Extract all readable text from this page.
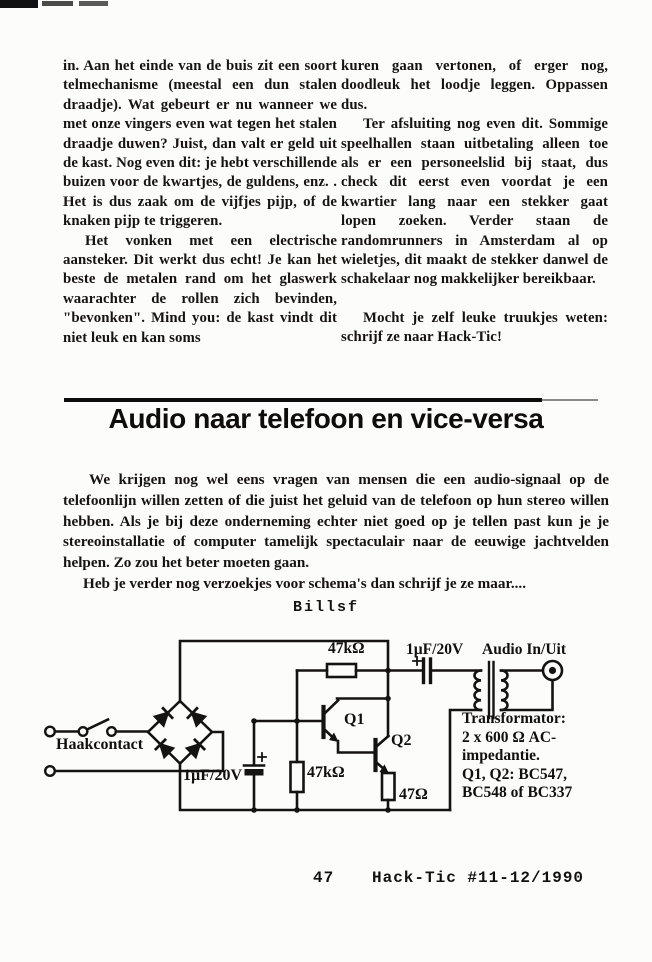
in. Aan het einde van de buis zit een soort telmechanisme (meestal een dun stalen draadje). Wat gebeurt er nu wanneer we met onze vingers even wat tegen het stalen draadje duwen? Juist, dan valt er geld uit de kast. Nog even dit: je hebt verschillende buizen voor de kwartjes, de guldens, enz. . Het is dus zaak om de vijfjes pijp, of de knaken pijp te triggeren.

Het vonken met een electrische aansteker. Dit werkt dus echt! Je kan het beste de metalen rand om het glaswerk waarachter de rollen zich bevinden, "bevonken". Mind you: de kast vindt dit niet leuk en kan soms

kuren gaan vertonen, of erger nog, doodleuk het loodje leggen. Oppassen dus.

Ter afsluiting nog even dit. Sommige speelhallen staan uitbetaling alleen toe als er een personeelslid bij staat, dus check dit eerst even voordat je een kwartier lang naar een stekker gaat lopen zoeken. Verder staan de randomrunners in Amsterdam al op wieletjes, dit maakt de stekker danwel de schakelaar nog makkelijker bereikbaar.

Mocht je zelf leuke truukjes weten: schrijf ze naar Hack-Tic!

Audio naar telefoon en vice-versa

We krijgen nog wel eens vragen van mensen die een audio-signaal op de telefoonlijn willen zetten of die juist het geluid van de telefoon op hun stereo willen hebben. Als je bij deze onderneming echter niet goed op je tellen past kun je je stereoinstallatie of computer tamelijk spectaculair naar de eeuwige jachtvelden helpen. Zo zou het beter moeten gaan.

Heb je verder nog verzoekjes voor schema's dan schrijf je ze maar....

Billsf
47kΩ	1µF/20V Audio In/Uit
Haakcontact
1µF/20V	47kΩ
47Ω
Q1
Q2
Transformator:
2 x 600 Ω AC-
impedantie.
Q1, Q2: BC547,
BC548 of BC337
47 Hack-Tic #11-12/1990
